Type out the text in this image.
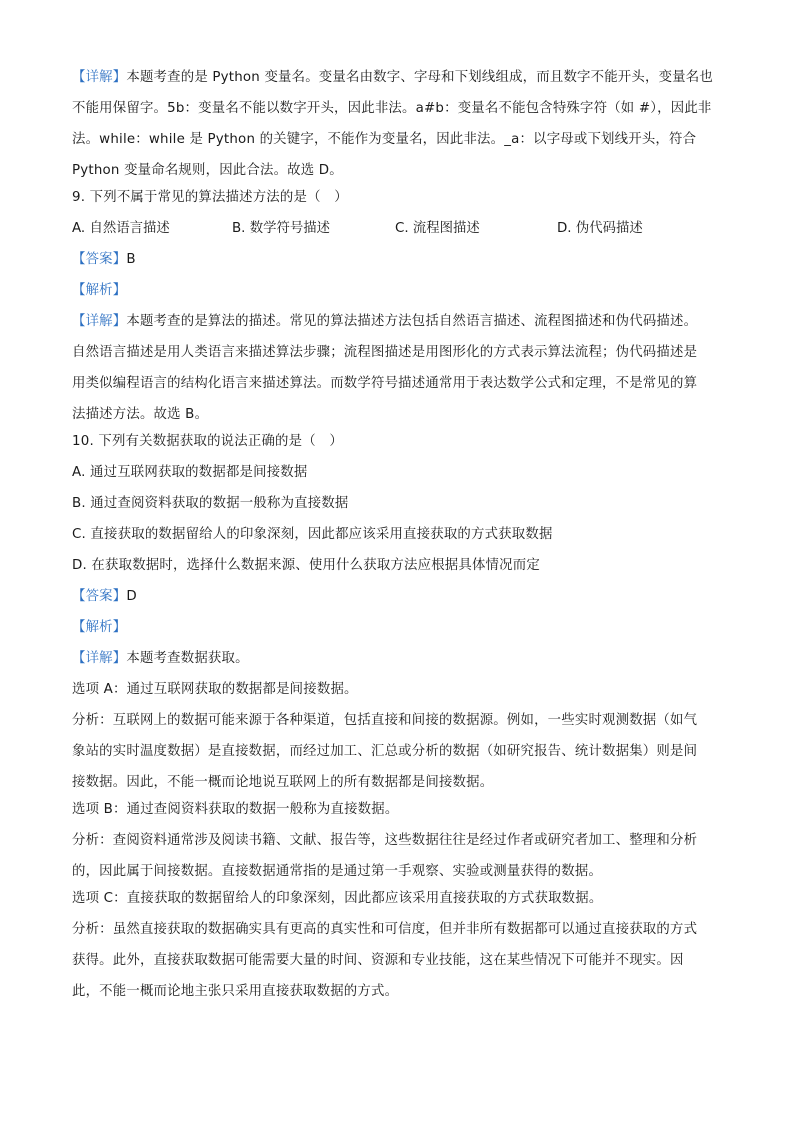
【详解】本题考查的是 Python 变量名。变量名由数字、字母和下划线组成，而且数字不能开头，变量名也
不能用保留字。5b：变量名不能以数字开头，因此非法。a#b：变量名不能包含特殊字符（如 #），因此非
法。while：while 是 Python 的关键字，不能作为变量名，因此非法。_a：以字母或下划线开头，符合
Python 变量命名规则，因此合法。故选 D。

9. 下列不属于常见的算法描述方法的是（　）
A. 自然语言描述	B. 数学符号描述	C. 流程图描述	D. 伪代码描述
【答案】B
【解析】

【详解】本题考查的是算法的描述。常见的算法描述方法包括自然语言描述、流程图描述和伪代码描述。
自然语言描述是用人类语言来描述算法步骤；流程图描述是用图形化的方式表示算法流程；伪代码描述是
用类似编程语言的结构化语言来描述算法。而数学符号描述通常用于表达数学公式和定理，不是常见的算
法描述方法。故选 B。

10. 下列有关数据获取的说法正确的是（　）
A. 通过互联网获取的数据都是间接数据
B. 通过查阅资料获取的数据一般称为直接数据
C. 直接获取的数据留给人的印象深刻，因此都应该采用直接获取的方式获取数据
D. 在获取数据时，选择什么数据来源、使用什么获取方法应根据具体情况而定
【答案】D
【解析】
【详解】本题考查数据获取。
选项 A：通过互联网获取的数据都是间接数据。

分析：互联网上的数据可能来源于各种渠道，包括直接和间接的数据源。例如，一些实时观测数据（如气
象站的实时温度数据）是直接数据，而经过加工、汇总或分析的数据（如研究报告、统计数据集）则是间
接数据。因此，不能一概而论地说互联网上的所有数据都是间接数据。

选项 B：通过查阅资料获取的数据一般称为直接数据。

分析：查阅资料通常涉及阅读书籍、文献、报告等，这些数据往往是经过作者或研究者加工、整理和分析
的，因此属于间接数据。直接数据通常指的是通过第一手观察、实验或测量获得的数据。

选项 C：直接获取的数据留给人的印象深刻，因此都应该采用直接获取的方式获取数据。

分析：虽然直接获取的数据确实具有更高的真实性和可信度，但并非所有数据都可以通过直接获取的方式
获得。此外，直接获取数据可能需要大量的时间、资源和专业技能，这在某些情况下可能并不现实。因
此，不能一概而论地主张只采用直接获取数据的方式。
